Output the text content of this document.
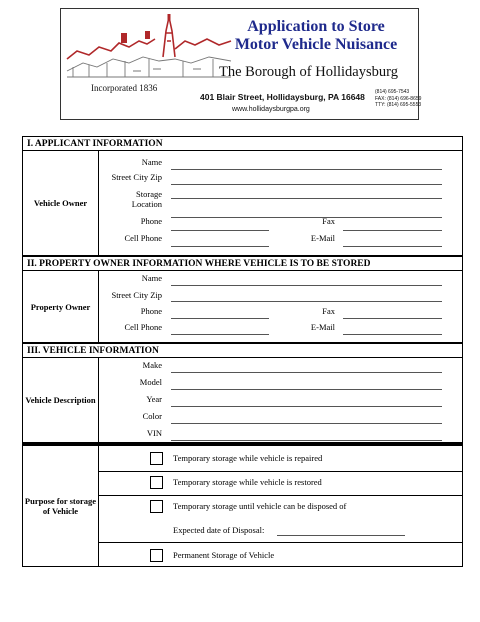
Incorporated 1836
Application to Store
Motor Vehicle Nuisance
The Borough of Hollidaysburg
401 Blair Street, Hollidaysburg, PA 16648
www.hollidaysburgpa.org
(814) 695-7543
FAX: (814) 696-8659
TTY: (814) 695-5553
I. APPLICANT INFORMATION
Vehicle Owner
Name
Street City Zip
Storage
Location
Phone	Fax
Cell Phone	E-Mail
II. PROPERTY OWNER INFORMATION WHERE VEHICLE IS TO BE STORED
Property Owner
Name
Street City Zip
Phone	Fax
Cell Phone	E-Mail
III. VEHICLE INFORMATION
Vehicle Description
Make
Model
Year
Color
VIN
Purpose for storage of Vehicle
Temporary storage while vehicle is repaired
Temporary storage while vehicle is restored
Temporary storage until vehicle can be disposed of
Expected date of Disposal:
Permanent Storage of Vehicle
